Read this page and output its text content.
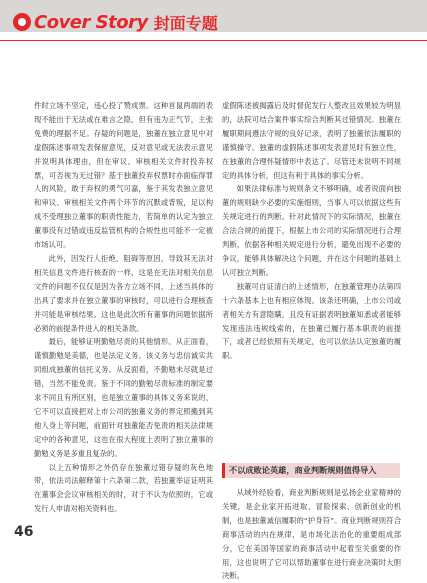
Cover Story 封面专题

件时立场不坚定，违心投了赞成票。这种首鼠两端的表现不能出于无法或在难言之隐，但有违为正气节，主张免费的理据不足。存疑的问题是，独董在独立意见中对虚假陈述事项发表保留意见，反对意见或无法表示意见并说明具体理由，但在审议、审核相关文件时投弃权票，可否视为无过错？基于独董投弃权票时亦面临得罪人的风险，敢于弃权的勇气可嘉，鉴于其发表独立意见和审议、审核相关文件两个环节的沉默或背叛，足以构成不受理独立董事的职责性能力，若简单的认定为独立董事没有过错或违反监管机构的合规性也可能不一定被市场认可。

此外，因发行人拒绝、阻碍等原因，导致其无法对相关信息文件进行核查的一样，这是在无法对相关信息文件的问题不仅仅是因为各方立场不同，上述当具体的出具了要求并在独立董事的审核时，可以进行合理核查并可能是审核结果。这也是此次所有董事的问题依据所必须的前提条件进入的相关条款。

最后，能够证明勤勉尽责的其他情形。从正面看，谨慎勤勉是美德，也是法定义务。该义务与忠信诚实共同组成独董的信托义务。从反面看，不勤勉未尽就是过错，当然不能免责。鉴于不同的勤勉尽责标准的制定要求不同且有所区别，也是独立董事的具体义务来说的，它不可以直接把对上市公司的独董义务的界定照搬到其他人身上等问题，前面针对独董能否免责的相关法律规定中的各种意见，这也在很大程度上表明了独立董事的勤勉义务是多重且复杂的。

以上五种情形之外仍存在独董过错存疑的灰色地带，依法司法解释第十六条第二款，若独董举证证明其在董事会会议审核相关的时，对于不认为依照的，它或发行人申请对相关资料也。

虚假陈述被揭露后及时督促发行人整改且效果较为明显的，法院可结合案件事实综合判断其过错情况。独董在履职期间遵法守规的良好记录，表明了独董依法履职的谨慎操守。独董的虚假陈述事项发表意见时有独立性，在独董的合理怀疑情形中表达了。尽管还未说明不同规定的具体分析，但这有利于具体的事实分析。

如果法律标准与规则条文不够明确，或者说面向独董的规则缺少必要的实施细则，当事人可以依据这些有关规定进行的判断。针对此情况下的实际情况，独董在合法合规的前提下，根据上市公司的实际情况进行合理判断，依据各种相关规定进行分析，避免出现不必要的争议，能够具体解决这个问题，并在这个问题的基础上认可独立判断。

独董可自证清白的上述情形，在独董管理办法第四十六条基本上也有相应体现。该条还明确，上市公司或者相关方有意隐瞒，且没有证据表明独董知悉或者能够发现违法违规线索的，在独董已履行基本职责的前提下，或者已经依照有关规定，也可以依法认定独董的履职。

不以成败论英雄，商业判断规则值得导入

从域外经验看，商业判断规则是弘扬企业家精神的关键，是企业家开拓进取、冒险探索、创新创业的机制，也是独董诚信履职的“护身符”。商业判断规则符合商事活动的内在规律，是市场化法治化的重要组成部分，它在美国等国家的商事活动中起着至关重要的作用，这也说明了它可以帮助董事在进行商业决策时大胆决断。

46
